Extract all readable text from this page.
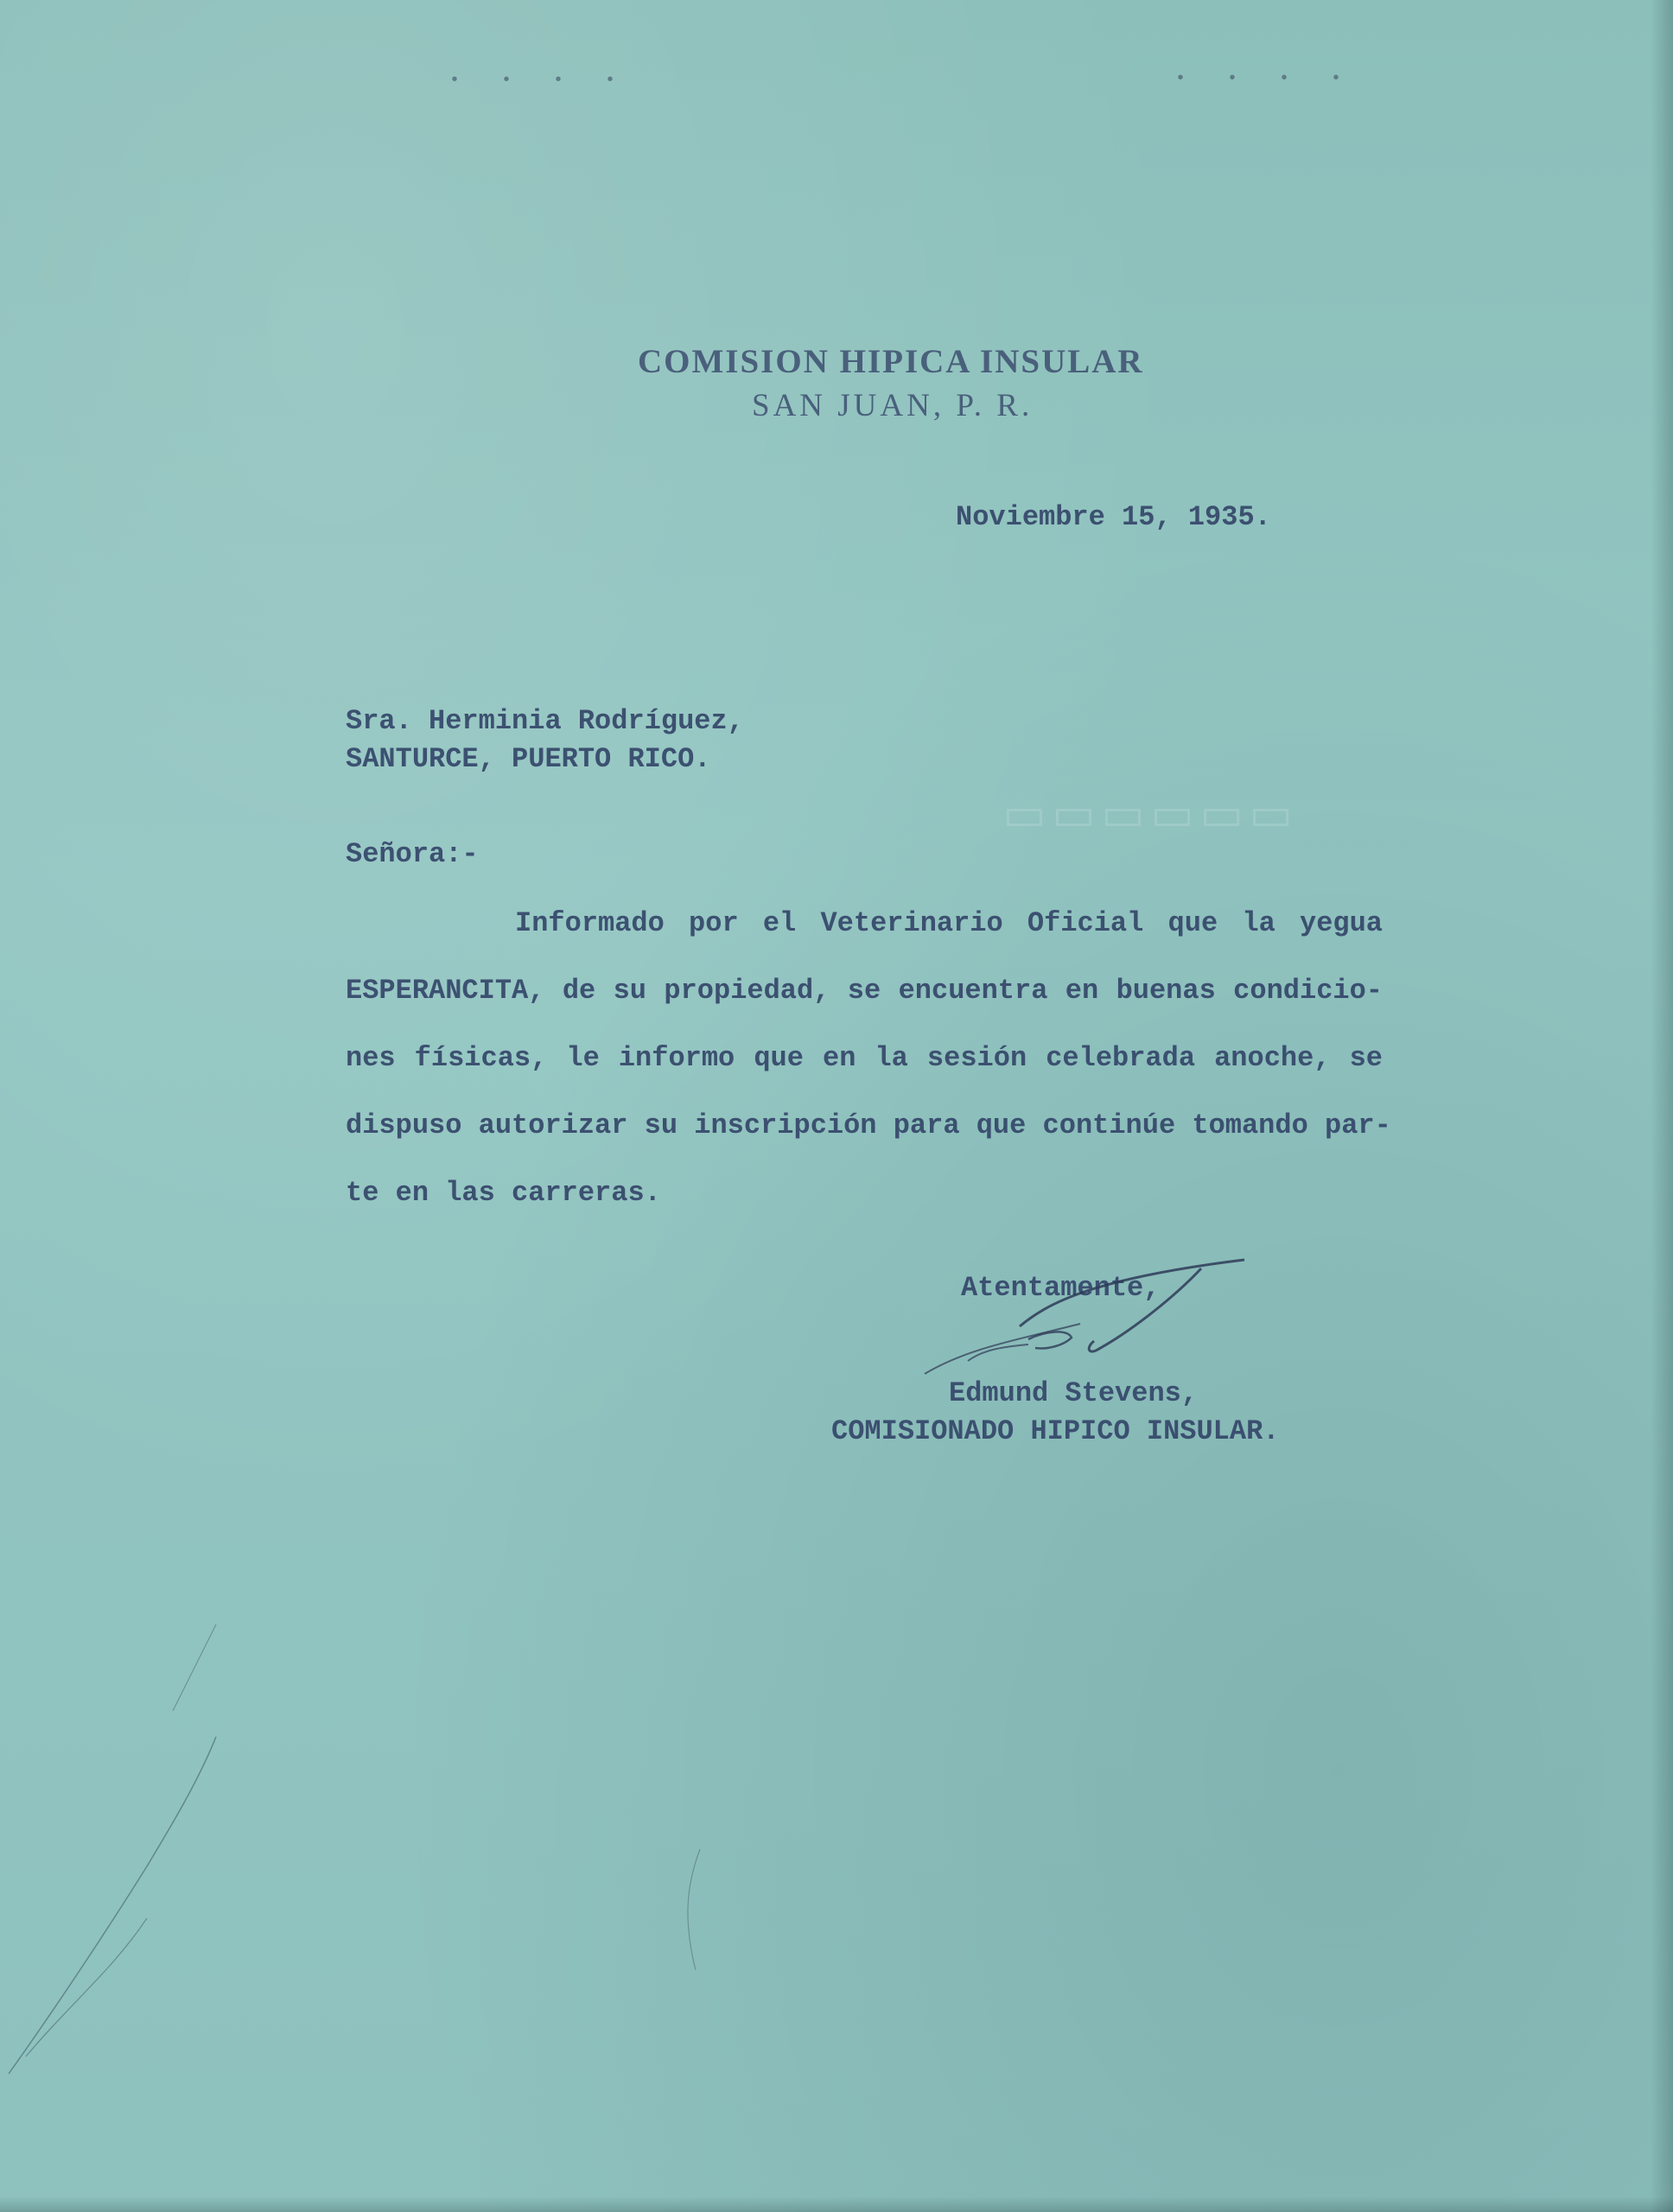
• • • •	• • • •
▭▭▭▭▭▭
COMISION HIPICA INSULAR
SAN JUAN, P. R.
Noviembre 15, 1935.
Sra. Herminia Rodríguez,
SANTURCE, PUERTO RICO.
Señora:-
Informado por el Veterinario Oficial que la yegua
ESPERANCITA, de su propiedad, se encuentra en buenas condicio-
nes físicas, le informo que en la sesión celebrada anoche, se
dispuso autorizar su inscripción para que continúe tomando par-
te en las carreras.
Atentamente,
Edmund Stevens,
COMISIONADO HIPICO INSULAR.
